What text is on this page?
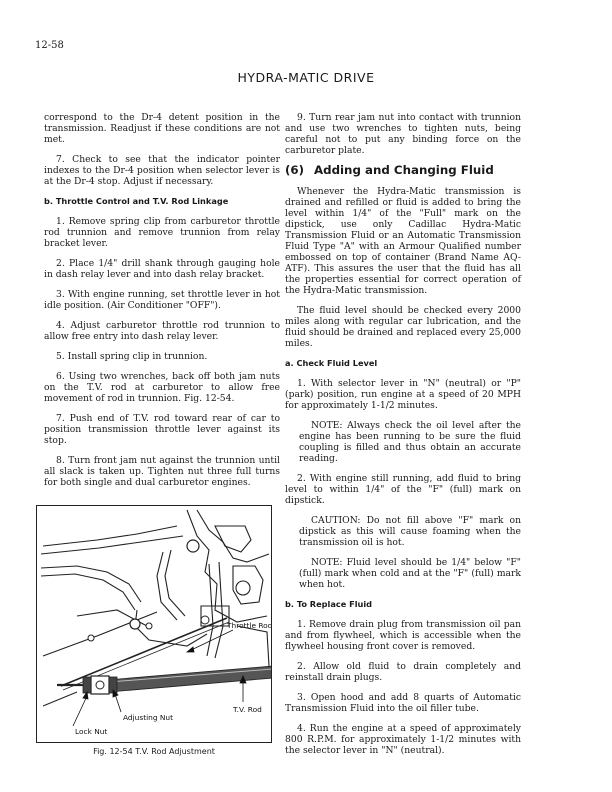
12-58
HYDRA-MATIC DRIVE

correspond to the Dr-4 detent position in the transmission. Readjust if these conditions are not met.

7. Check to see that the indicator pointer indexes to the Dr-4 position when selector lever is at the Dr-4 stop. Adjust if necessary.

b. Throttle Control and T.V. Rod Linkage

1. Remove spring clip from carburetor throttle rod trunnion and remove trunnion from relay bracket lever.

2. Place 1/4" drill shank through gauging hole in dash relay lever and into dash relay bracket.

3. With engine running, set throttle lever in hot idle position. (Air Conditioner "OFF").

4. Adjust carburetor throttle rod trunnion to allow free entry into dash relay lever.

5. Install spring clip in trunnion.

6. Using two wrenches, back off both jam nuts on the T.V. rod at carburetor to allow free movement of rod in trunnion. Fig. 12-54.

7. Push end of T.V. rod toward rear of car to position transmission throttle lever against its stop.

8. Turn front jam nut against the trunnion until all slack is taken up. Tighten nut three full turns for both single and dual carburetor engines.

Throttle Rod
T.V. Rod
Adjusting Nut
Lock Nut
Fig. 12-54 T.V. Rod Adjustment

9. Turn rear jam nut into contact with trunnion and use two wrenches to tighten nuts, being careful not to put any binding force on the carburetor plate.

(6) Adding and Changing Fluid

Whenever the Hydra-Matic transmission is drained and refilled or fluid is added to bring the level within 1/4" of the "Full" mark on the dipstick, use only Cadillac Hydra-Matic Transmission Fluid or an Automatic Transmission Fluid Type "A" with an Armour Qualified number embossed on top of container (Brand Name AQ-ATF). This assures the user that the fluid has all the properties essential for correct operation of the Hydra-Matic transmission.

The fluid level should be checked every 2000 miles along with regular car lubrication, and the fluid should be drained and replaced every 25,000 miles.

a. Check Fluid Level

1. With selector lever in "N" (neutral) or "P" (park) position, run engine at a speed of 20 MPH for approximately 1-1/2 minutes.

NOTE: Always check the oil level after the engine has been running to be sure the fluid coupling is filled and thus obtain an accurate reading.

2. With engine still running, add fluid to bring level to within 1/4" of the "F" (full) mark on dipstick.

CAUTION: Do not fill above "F" mark on dipstick as this will cause foaming when the transmission oil is hot.

NOTE: Fluid level should be 1/4" below "F" (full) mark when cold and at the "F" (full) mark when hot.

b. To Replace Fluid

1. Remove drain plug from transmission oil pan and from flywheel, which is accessible when the flywheel housing front cover is removed.

2. Allow old fluid to drain completely and reinstall drain plugs.

3. Open hood and add 8 quarts of Automatic Transmission Fluid into the oil filler tube.

4. Run the engine at a speed of approximately 800 R.P.M. for approximately 1-1/2 minutes with the selector lever in "N" (neutral).
